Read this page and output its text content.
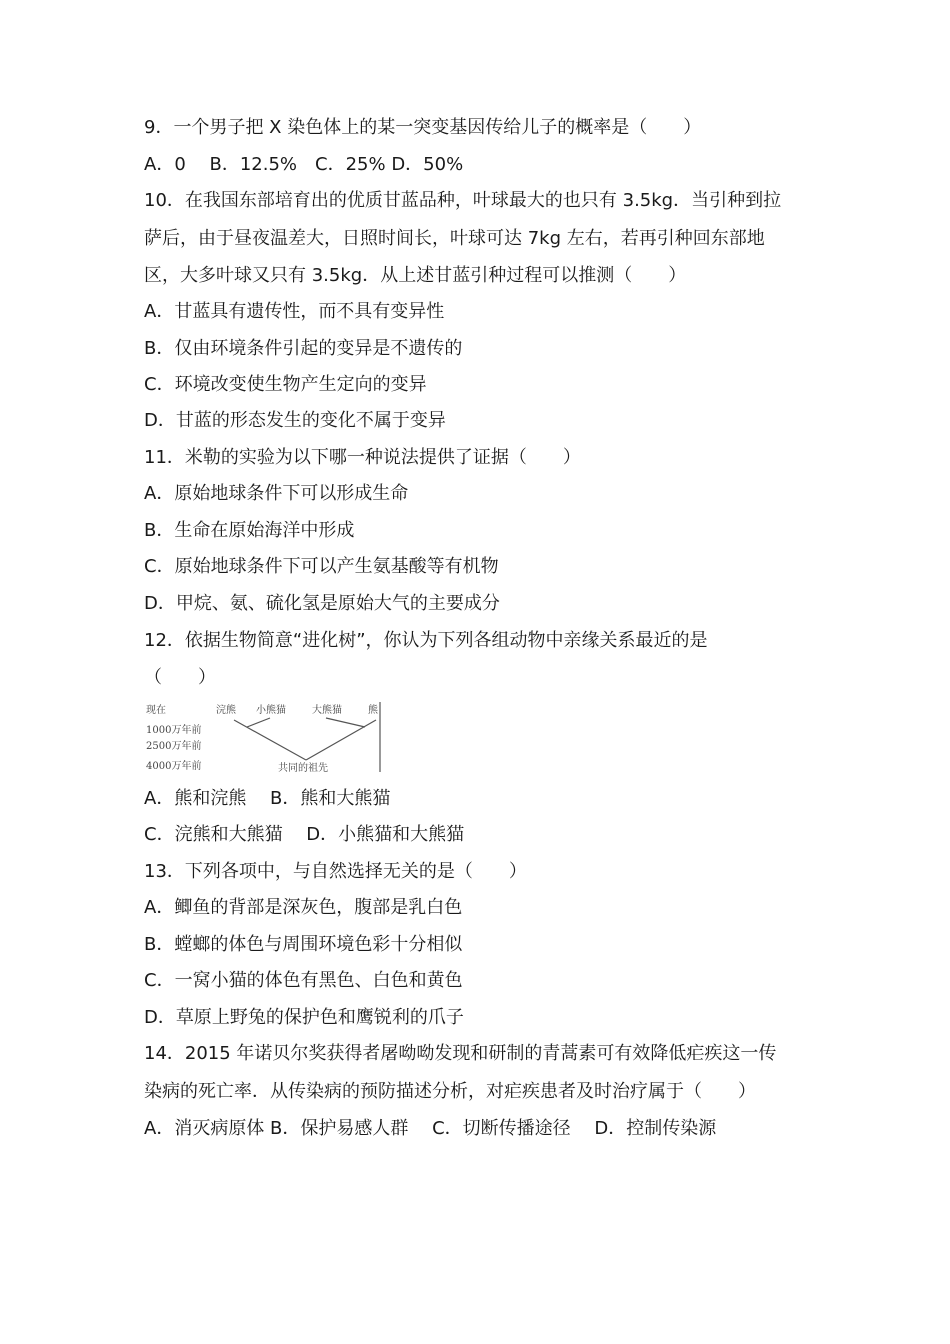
9．一个男子把 X 染色体上的某一突变基因传给儿子的概率是（　　）
A．0　 B．12.5%　C．25% D．50%
10．在我国东部培育出的优质甘蓝品种，叶球最大的也只有 3.5kg．当引种到拉
萨后，由于昼夜温差大，日照时间长，叶球可达 7kg 左右，若再引种回东部地
区，大多叶球又只有 3.5kg．从上述甘蓝引种过程可以推测（　　）
A．甘蓝具有遗传性，而不具有变异性
B．仅由环境条件引起的变异是不遗传的
C．环境改变使生物产生定向的变异
D．甘蓝的形态发生的变化不属于变异
11．米勒的实验为以下哪一种说法提供了证据（　　）
A．原始地球条件下可以形成生命
B．生命在原始海洋中形成
C．原始地球条件下可以产生氨基酸等有机物
D．甲烷、氨、硫化氢是原始大气的主要成分
12．依据生物简意“进化树”，你认为下列各组动物中亲缘关系最近的是
（　　）
现在
1000万年前
2500万年前
4000万年前
浣熊 小熊猫	大熊猫	熊
共同的祖先
A．熊和浣熊　 B．熊和大熊猫
C．浣熊和大熊猫　 D．小熊猫和大熊猫
13．下列各项中，与自然选择无关的是（　　）
A．鲫鱼的背部是深灰色，腹部是乳白色
B．螳螂的体色与周围环境色彩十分相似
C．一窝小猫的体色有黑色、白色和黄色
D．草原上野兔的保护色和鹰锐利的爪子
14．2015 年诺贝尔奖获得者屠呦呦发现和研制的青蒿素可有效降低疟疾这一传
染病的死亡率．从传染病的预防描述分析，对疟疾患者及时治疗属于（　　）
A．消灭病原体 B．保护易感人群　 C．切断传播途径　 D．控制传染源
